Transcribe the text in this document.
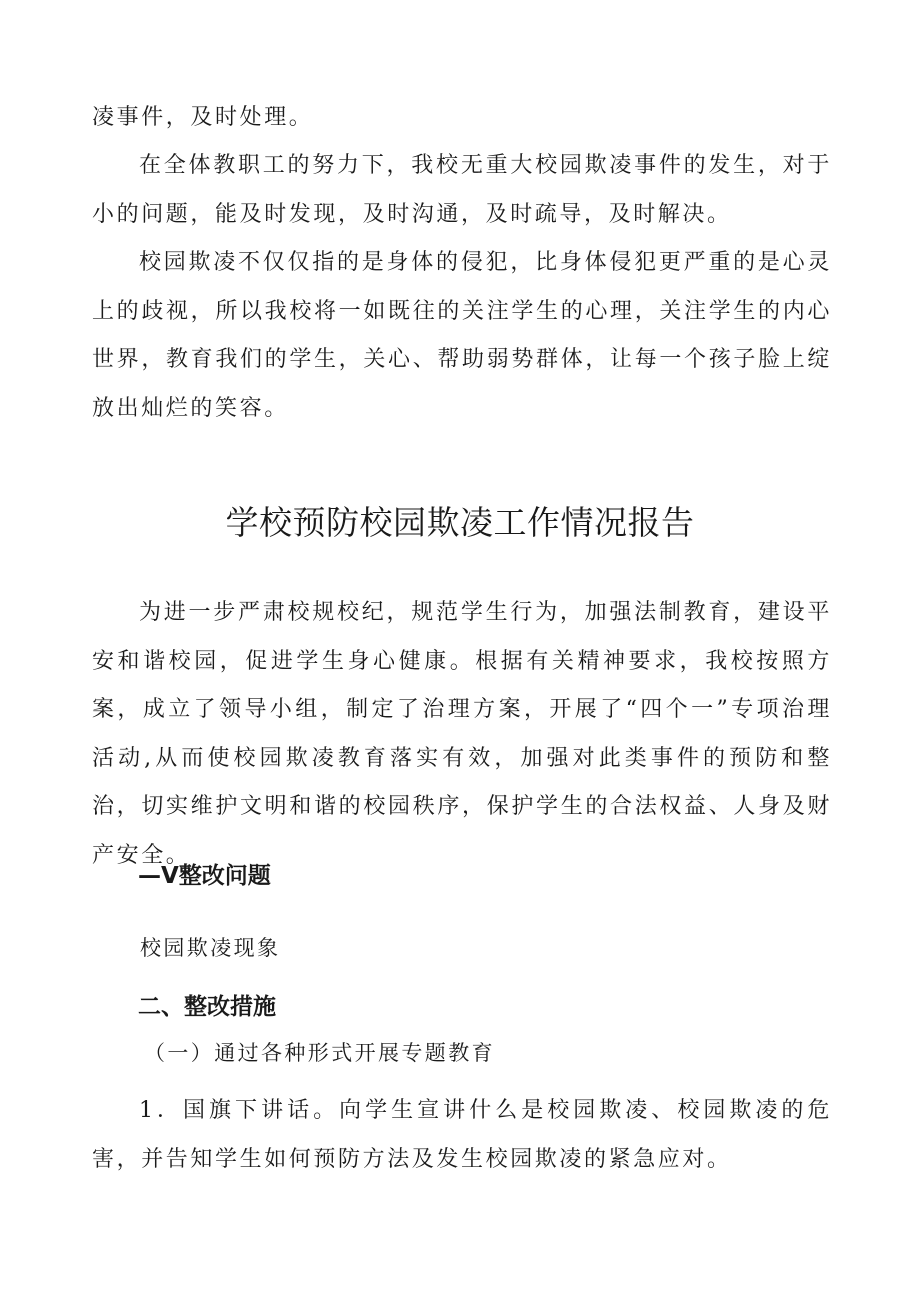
凌事件，及时处理。

在全体教职工的努力下，我校无重大校园欺凌事件的发生，对于小的问题，能及时发现，及时沟通，及时疏导，及时解决。

校园欺凌不仅仅指的是身体的侵犯，比身体侵犯更严重的是心灵上的歧视，所以我校将一如既往的关注学生的心理，关注学生的内心世界，教育我们的学生，关心、帮助弱势群体，让每一个孩子脸上绽放出灿烂的笑容。

学校预防校园欺凌工作情况报告

为进一步严肃校规校纪，规范学生行为，加强法制教育，建设平安和谐校园，促进学生身心健康。根据有关精神要求，我校按照方案，成立了领导小组，制定了治理方案，开展了“四个一”专项治理活动,从而使校园欺凌教育落实有效，加强对此类事件的预防和整治，切实维护文明和谐的校园秩序，保护学生的合法权益、人身及财产安全。

—V整改问题

校园欺凌现象

二、整改措施

（一）通过各种形式开展专题教育

1．国旗下讲话。向学生宣讲什么是校园欺凌、校园欺凌的危害，并告知学生如何预防方法及发生校园欺凌的紧急应对。
